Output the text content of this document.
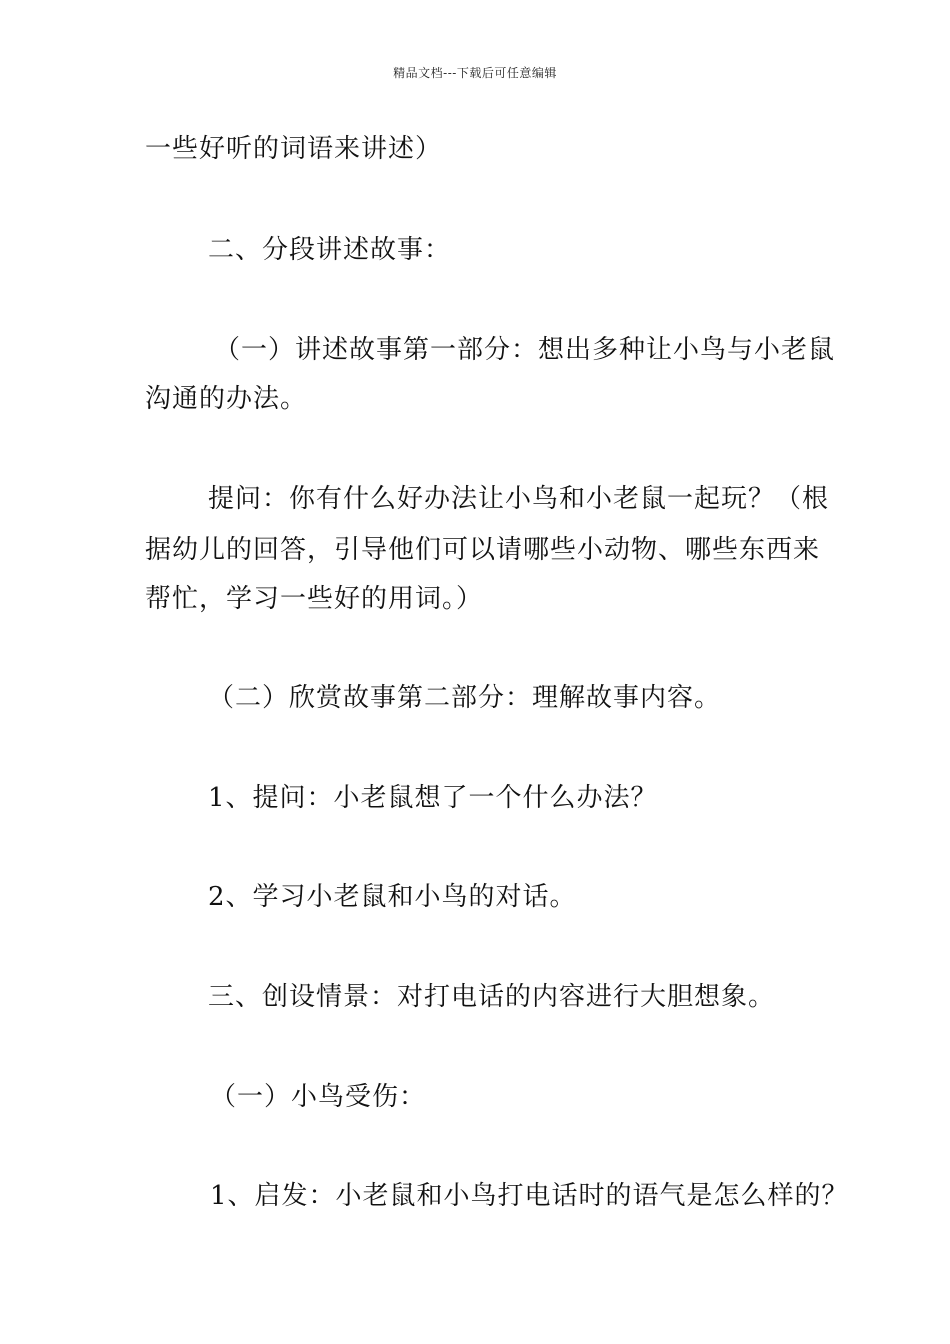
精品文档---下载后可任意编辑
一些好听的词语来讲述）
二、分段讲述故事：
（一）讲述故事第一部分：想出多种让小鸟与小老鼠
沟通的办法。
提问：你有什么好办法让小鸟和小老鼠一起玩？（根
据幼儿的回答，引导他们可以请哪些小动物、哪些东西来
帮忙，学习一些好的用词。）
（二）欣赏故事第二部分：理解故事内容。
1、提问：小老鼠想了一个什么办法？
2、学习小老鼠和小鸟的对话。
三、创设情景：对打电话的内容进行大胆想象。
（一）小鸟受伤：
1、启发：小老鼠和小鸟打电话时的语气是怎么样的？
